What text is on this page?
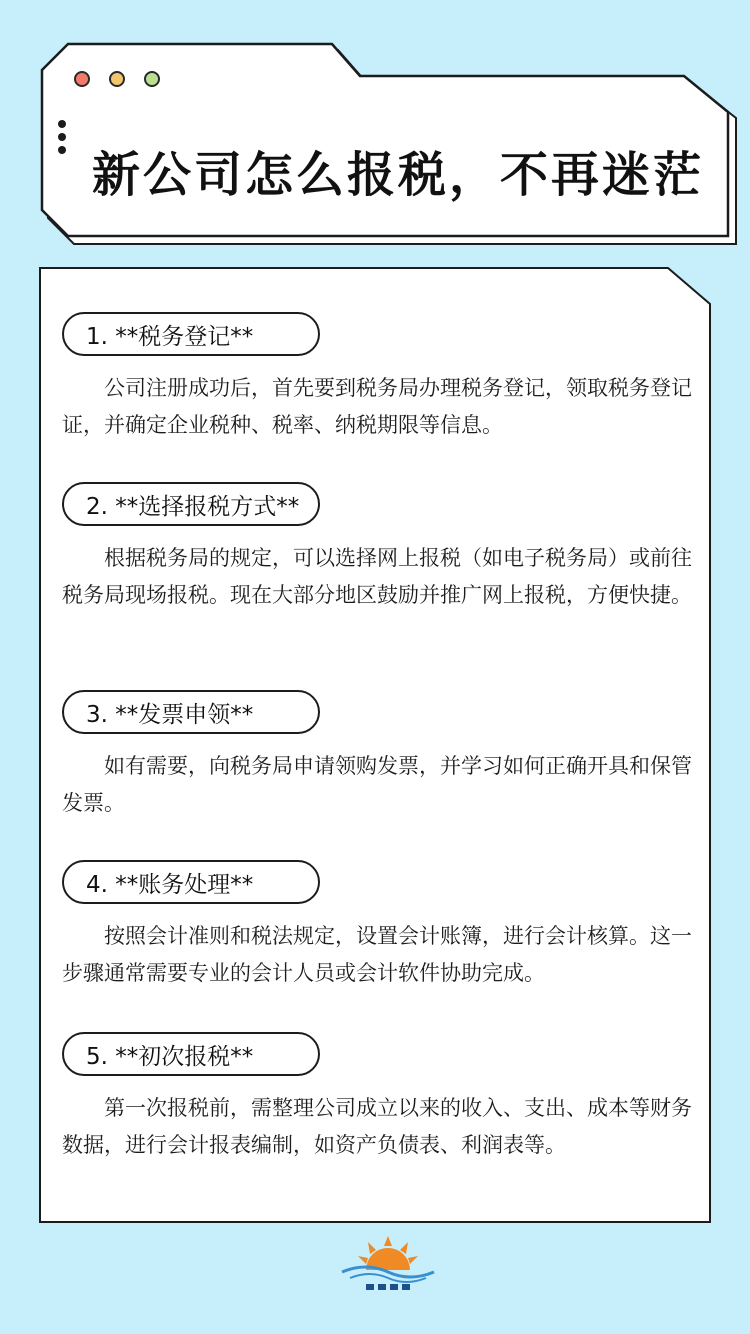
新公司怎么报税，不再迷茫
1. **税务登记**
公司注册成功后，首先要到税务局办理税务登记，领取税务登记证，并确定企业税种、税率、纳税期限等信息。
2. **选择报税方式**
根据税务局的规定，可以选择网上报税（如电子税务局）或前往税务局现场报税。现在大部分地区鼓励并推广网上报税，方便快捷。
3. **发票申领**
如有需要，向税务局申请领购发票，并学习如何正确开具和保管发票。
4. **账务处理**
按照会计准则和税法规定，设置会计账簿，进行会计核算。这一步骤通常需要专业的会计人员或会计软件协助完成。
5. **初次报税**
第一次报税前，需整理公司成立以来的收入、支出、成本等财务数据，进行会计报表编制，如资产负债表、利润表等。
